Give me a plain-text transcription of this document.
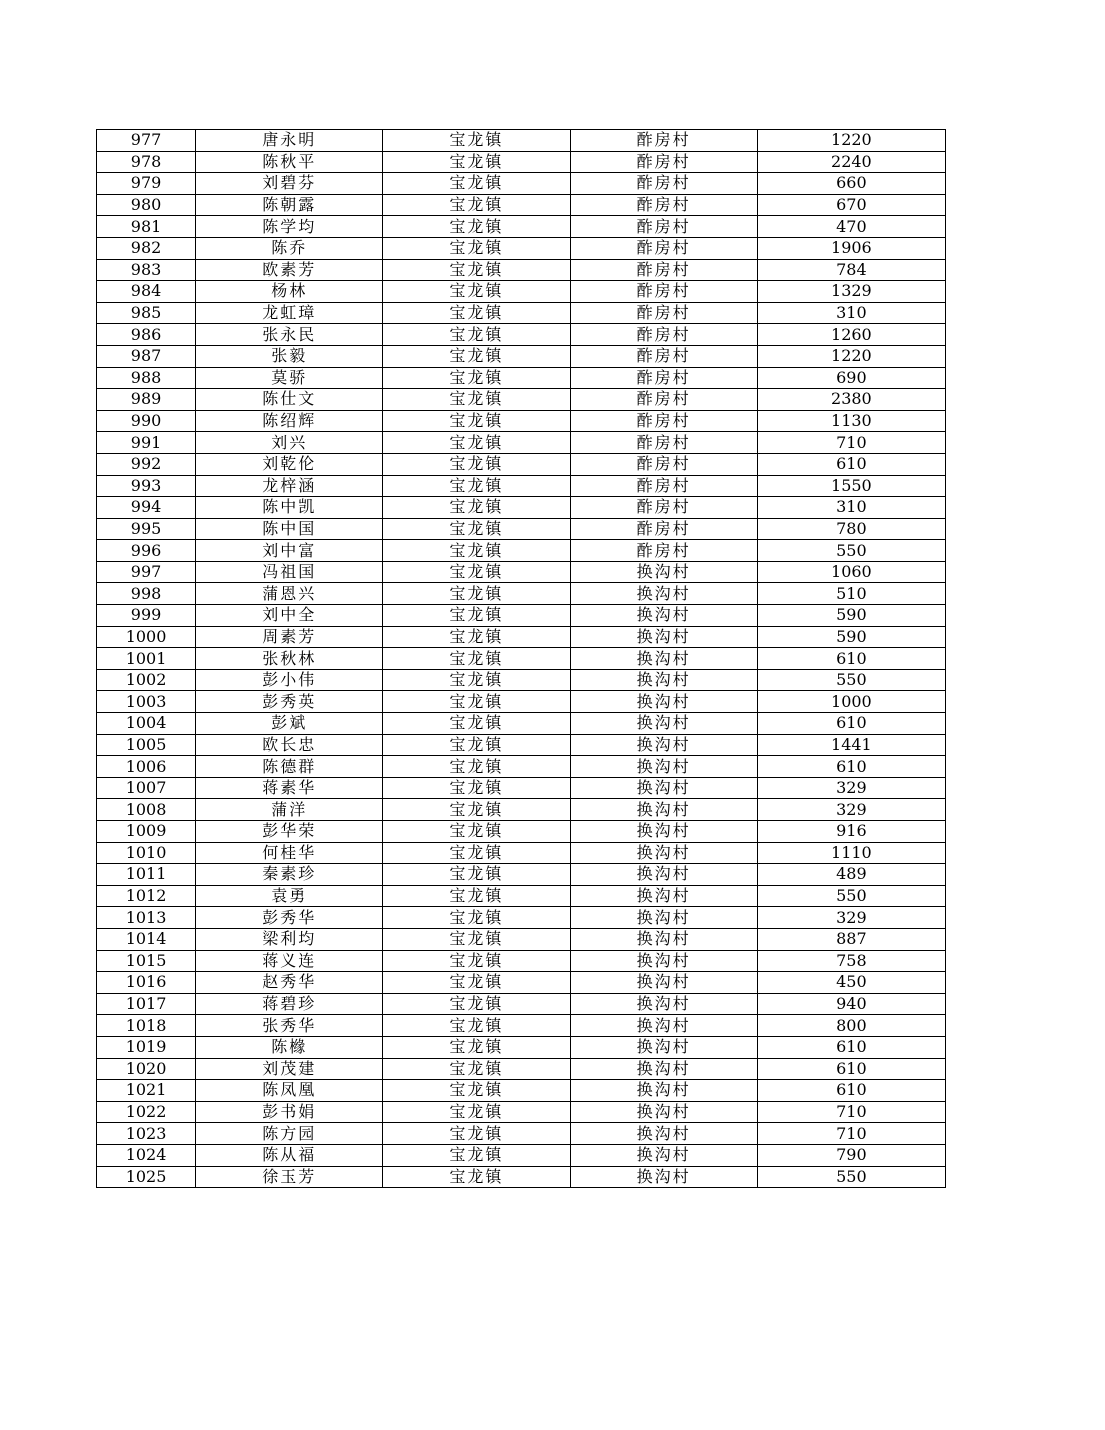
977	唐永明	宝龙镇	酢房村	1220
978	陈秋平	宝龙镇	酢房村	2240
979	刘碧芬	宝龙镇	酢房村	660
980	陈朝露	宝龙镇	酢房村	670
981	陈学均	宝龙镇	酢房村	470
982	陈乔	宝龙镇	酢房村	1906
983	欧素芳	宝龙镇	酢房村	784
984	杨林	宝龙镇	酢房村	1329
985	龙虹璋	宝龙镇	酢房村	310
986	张永民	宝龙镇	酢房村	1260
987	张毅	宝龙镇	酢房村	1220
988	莫骄	宝龙镇	酢房村	690
989	陈仕文	宝龙镇	酢房村	2380
990	陈绍辉	宝龙镇	酢房村	1130
991	刘兴	宝龙镇	酢房村	710
992	刘乾伦	宝龙镇	酢房村	610
993	龙梓涵	宝龙镇	酢房村	1550
994	陈中凯	宝龙镇	酢房村	310
995	陈中国	宝龙镇	酢房村	780
996	刘中富	宝龙镇	酢房村	550
997	冯祖国	宝龙镇	换沟村	1060
998	蒲恩兴	宝龙镇	换沟村	510
999	刘中全	宝龙镇	换沟村	590
1000	周素芳	宝龙镇	换沟村	590
1001	张秋林	宝龙镇	换沟村	610
1002	彭小伟	宝龙镇	换沟村	550
1003	彭秀英	宝龙镇	换沟村	1000
1004	彭斌	宝龙镇	换沟村	610
1005	欧长忠	宝龙镇	换沟村	1441
1006	陈德群	宝龙镇	换沟村	610
1007	蒋素华	宝龙镇	换沟村	329
1008	蒲洋	宝龙镇	换沟村	329
1009	彭华荣	宝龙镇	换沟村	916
1010	何桂华	宝龙镇	换沟村	1110
1011	秦素珍	宝龙镇	换沟村	489
1012	袁勇	宝龙镇	换沟村	550
1013	彭秀华	宝龙镇	换沟村	329
1014	梁利均	宝龙镇	换沟村	887
1015	蒋义连	宝龙镇	换沟村	758
1016	赵秀华	宝龙镇	换沟村	450
1017	蒋碧珍	宝龙镇	换沟村	940
1018	张秀华	宝龙镇	换沟村	800
1019	陈橼	宝龙镇	换沟村	610
1020	刘茂建	宝龙镇	换沟村	610
1021	陈凤凰	宝龙镇	换沟村	610
1022	彭书娟	宝龙镇	换沟村	710
1023	陈方园	宝龙镇	换沟村	710
1024	陈从福	宝龙镇	换沟村	790
1025	徐玉芳	宝龙镇	换沟村	550
